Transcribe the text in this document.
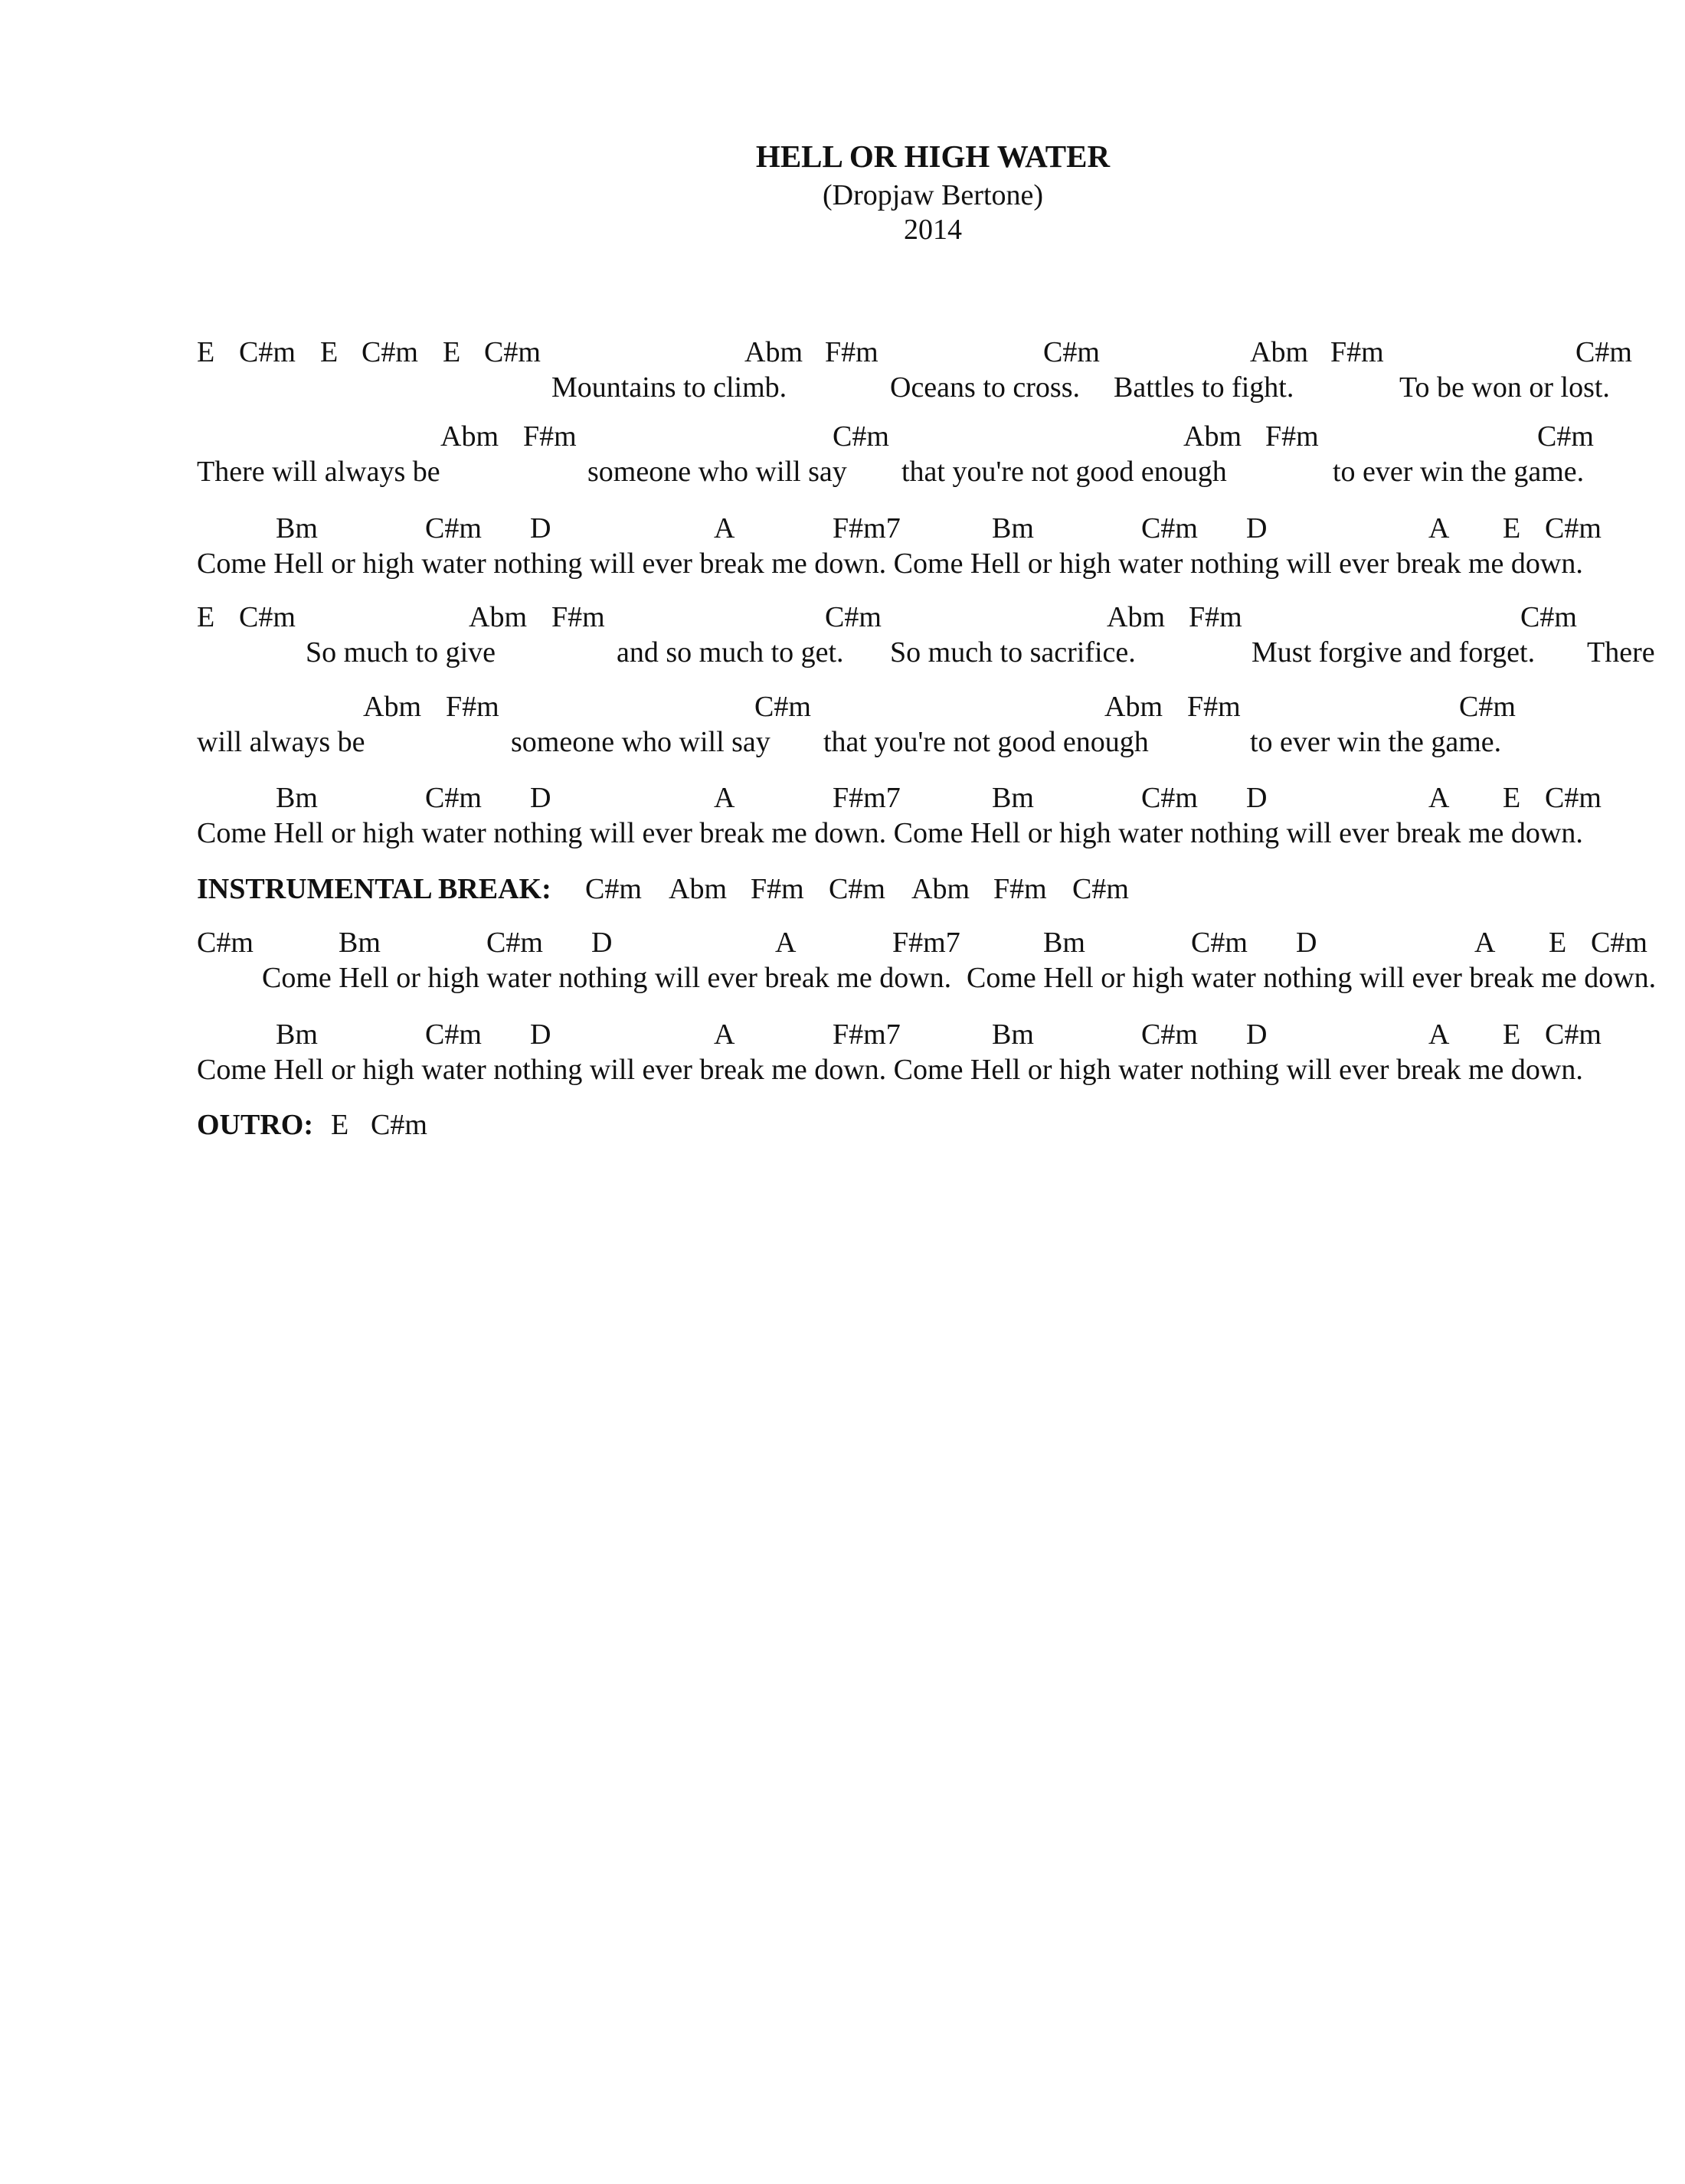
HELL OR HIGH WATER
(Dropjaw Bertone)
2014
E C#m E C#m E C#m	Abm F#m	C#m	Abm F#m	C#m
Mountains to climb.	Oceans to cross. Battles to fight.	To be won or lost.
Abm F#m	C#m	Abm F#m	C#m
There will always be	someone who will say that you're not good enough	to ever win the game.
Bm	C#m D	A	F#m7	Bm	C#m D	A E C#m
Come Hell or high water nothing will ever break me down. Come Hell or high water nothing will ever break me down.
E C#m	Abm F#m	C#m	Abm F#m	C#m
So much to give	and so much to get. So much to sacrifice.	Must forgive and forget. There
Abm F#m	C#m	Abm F#m	C#m
will always be	someone who will say that you're not good enough	to ever win the game.
Bm	C#m D	A	F#m7	Bm	C#m D	A E C#m
Come Hell or high water nothing will ever break me down. Come Hell or high water nothing will ever break me down.
INSTRUMENTAL BREAK: C#m Abm F#m C#m Abm F#m C#m
C#m	Bm	C#m D	A	F#m7	Bm	C#m D	A E C#m
Come Hell or high water nothing will ever break me down. Come Hell or high water nothing will ever break me down.
Bm	C#m D	A	F#m7	Bm	C#m D	A E C#m
Come Hell or high water nothing will ever break me down. Come Hell or high water nothing will ever break me down.
OUTRO: E C#m
